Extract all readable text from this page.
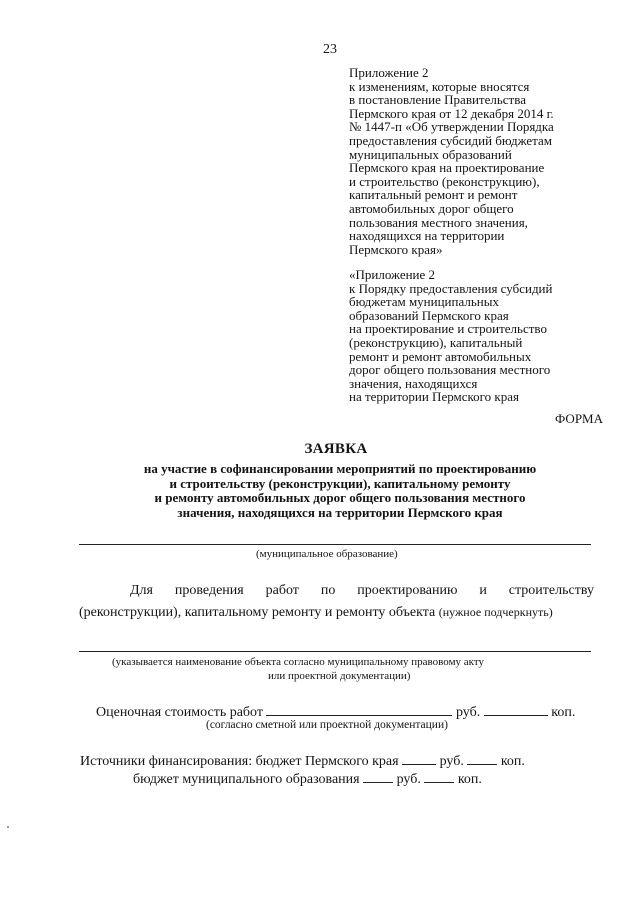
23
Приложение 2
к изменениям, которые вносятся
в постановление Правительства
Пермского края от 12 декабря 2014 г.
№ 1447-п «Об утверждении Порядка
предоставления субсидий бюджетам
муниципальных образований
Пермского края на проектирование
и строительство (реконструкцию),
капитальный ремонт и ремонт
автомобильных дорог общего
пользования местного значения,
находящихся на территории
Пермского края»
«Приложение 2
к Порядку предоставления субсидий
бюджетам муниципальных
образований Пермского края
на проектирование и строительство
(реконструкцию), капитальный
ремонт и ремонт автомобильных
дорог общего пользования местного
значения, находящихся
на территории Пермского края
ФОРМА
ЗАЯВКА
на участие в софинансировании мероприятий по проектированию
и строительству (реконструкции), капитальному ремонту
и ремонту автомобильных дорог общего пользования местного
значения, находящихся на территории Пермского края
(муниципальное образование)
Для проведения работ по проектированию и строительству
(реконструкции), капитальному ремонту и ремонту объекта (нужное подчеркнуть)
(указывается наименование объекта согласно муниципальному правовому акту
или проектной документации)
Оценочная стоимость работ	руб.	коп.
(согласно сметной или проектной документации)
Источники финансирования: бюджет Пермского края	руб.	коп.
бюджет муниципального образования	руб.	коп.
